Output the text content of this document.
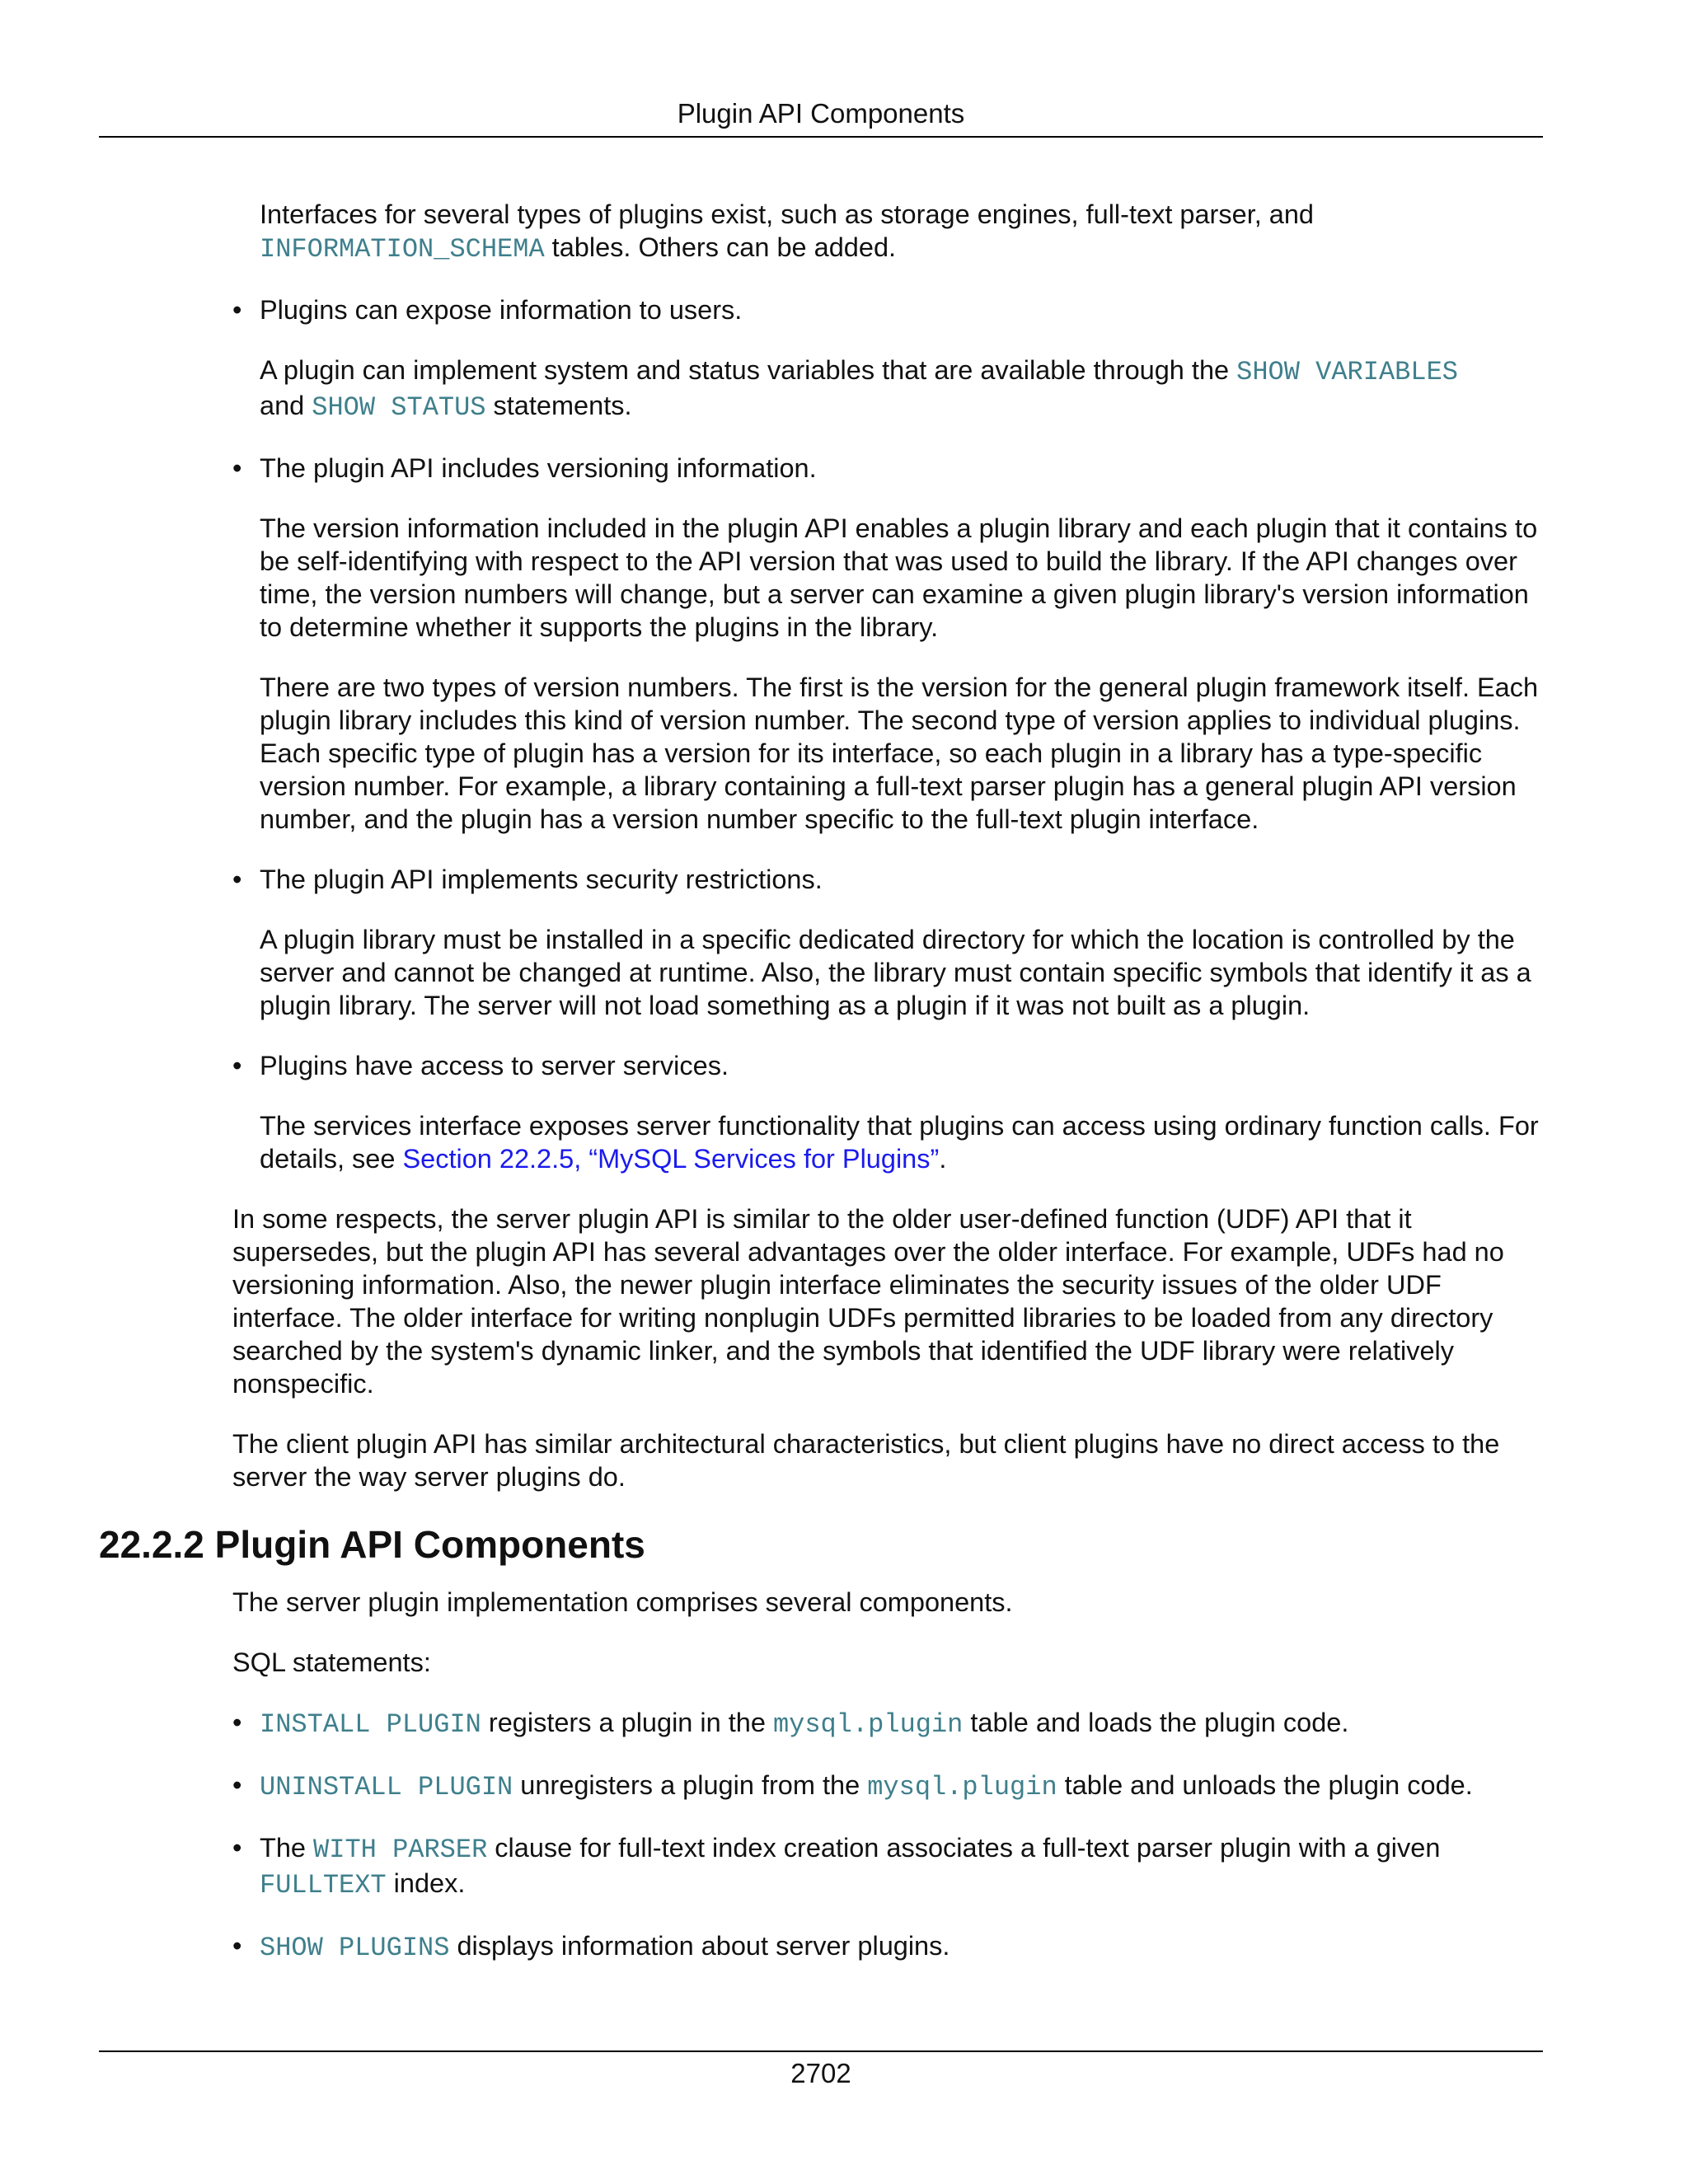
Plugin API Components

Interfaces for several types of plugins exist, such as storage engines, full-text parser, and
INFORMATION_SCHEMA tables. Others can be added.

• Plugins can expose information to users.

A plugin can implement system and status variables that are available through the SHOW VARIABLES
and SHOW STATUS statements.

• The plugin API includes versioning information.

The version information included in the plugin API enables a plugin library and each plugin that it contains to be self-identifying with respect to the API version that was used to build the library. If the API changes over time, the version numbers will change, but a server can examine a given plugin library's version information to determine whether it supports the plugins in the library.

There are two types of version numbers. The first is the version for the general plugin framework itself. Each plugin library includes this kind of version number. The second type of version applies to individual plugins. Each specific type of plugin has a version for its interface, so each plugin in a library has a type-specific version number. For example, a library containing a full-text parser plugin has a general plugin API version number, and the plugin has a version number specific to the full-text plugin interface.

• The plugin API implements security restrictions.

A plugin library must be installed in a specific dedicated directory for which the location is controlled by the server and cannot be changed at runtime. Also, the library must contain specific symbols that identify it as a plugin library. The server will not load something as a plugin if it was not built as a plugin.

• Plugins have access to server services.

The services interface exposes server functionality that plugins can access using ordinary function calls. For details, see Section 22.2.5, “MySQL Services for Plugins”.

In some respects, the server plugin API is similar to the older user-defined function (UDF) API that it supersedes, but the plugin API has several advantages over the older interface. For example, UDFs had no versioning information. Also, the newer plugin interface eliminates the security issues of the older UDF interface. The older interface for writing nonplugin UDFs permitted libraries to be loaded from any directory searched by the system's dynamic linker, and the symbols that identified the UDF library were relatively nonspecific.

The client plugin API has similar architectural characteristics, but client plugins have no direct access to the server the way server plugins do.

22.2.2 Plugin API Components

The server plugin implementation comprises several components.

SQL statements:

• INSTALL PLUGIN registers a plugin in the mysql.plugin table and loads the plugin code.

• UNINSTALL PLUGIN unregisters a plugin from the mysql.plugin table and unloads the plugin code.

• The WITH PARSER clause for full-text index creation associates a full-text parser plugin with a given
FULLTEXT index.

• SHOW PLUGINS displays information about server plugins.

2702
